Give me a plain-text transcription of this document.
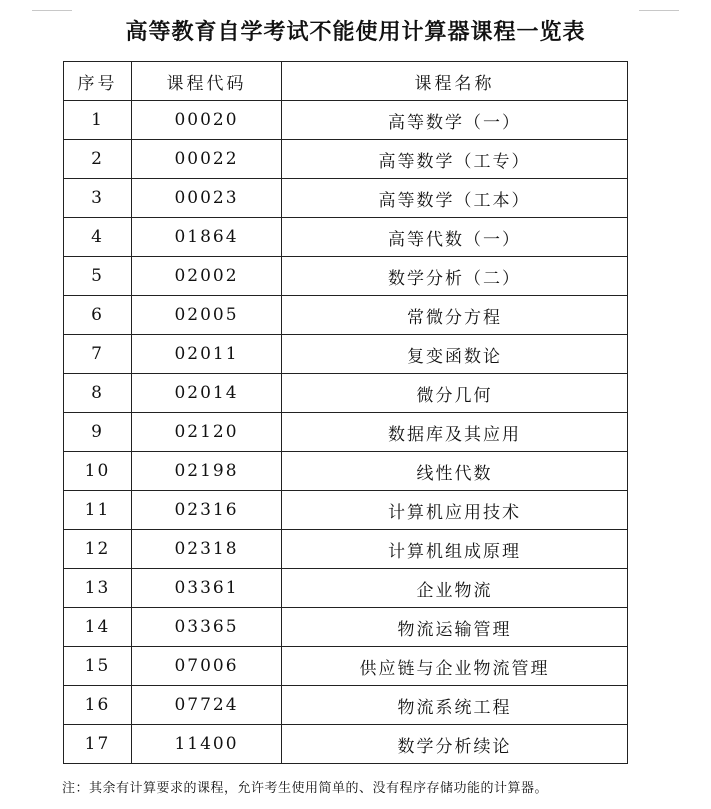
高等教育自学考试不能使用计算器课程一览表
序号	课程代码	课程名称
1	00020	高等数学（一）
2	00022	高等数学（工专）
3	00023	高等数学（工本）
4	01864	高等代数（一）
5	02002	数学分析（二）
6	02005	常微分方程
7	02011	复变函数论
8	02014	微分几何
9	02120	数据库及其应用
10	02198	线性代数
11	02316	计算机应用技术
12	02318	计算机组成原理
13	03361	企业物流
14	03365	物流运输管理
15	07006	供应链与企业物流管理
16	07724	物流系统工程
17	11400	数学分析续论
注：其余有计算要求的课程，允许考生使用简单的、没有程序存储功能的计算器。
